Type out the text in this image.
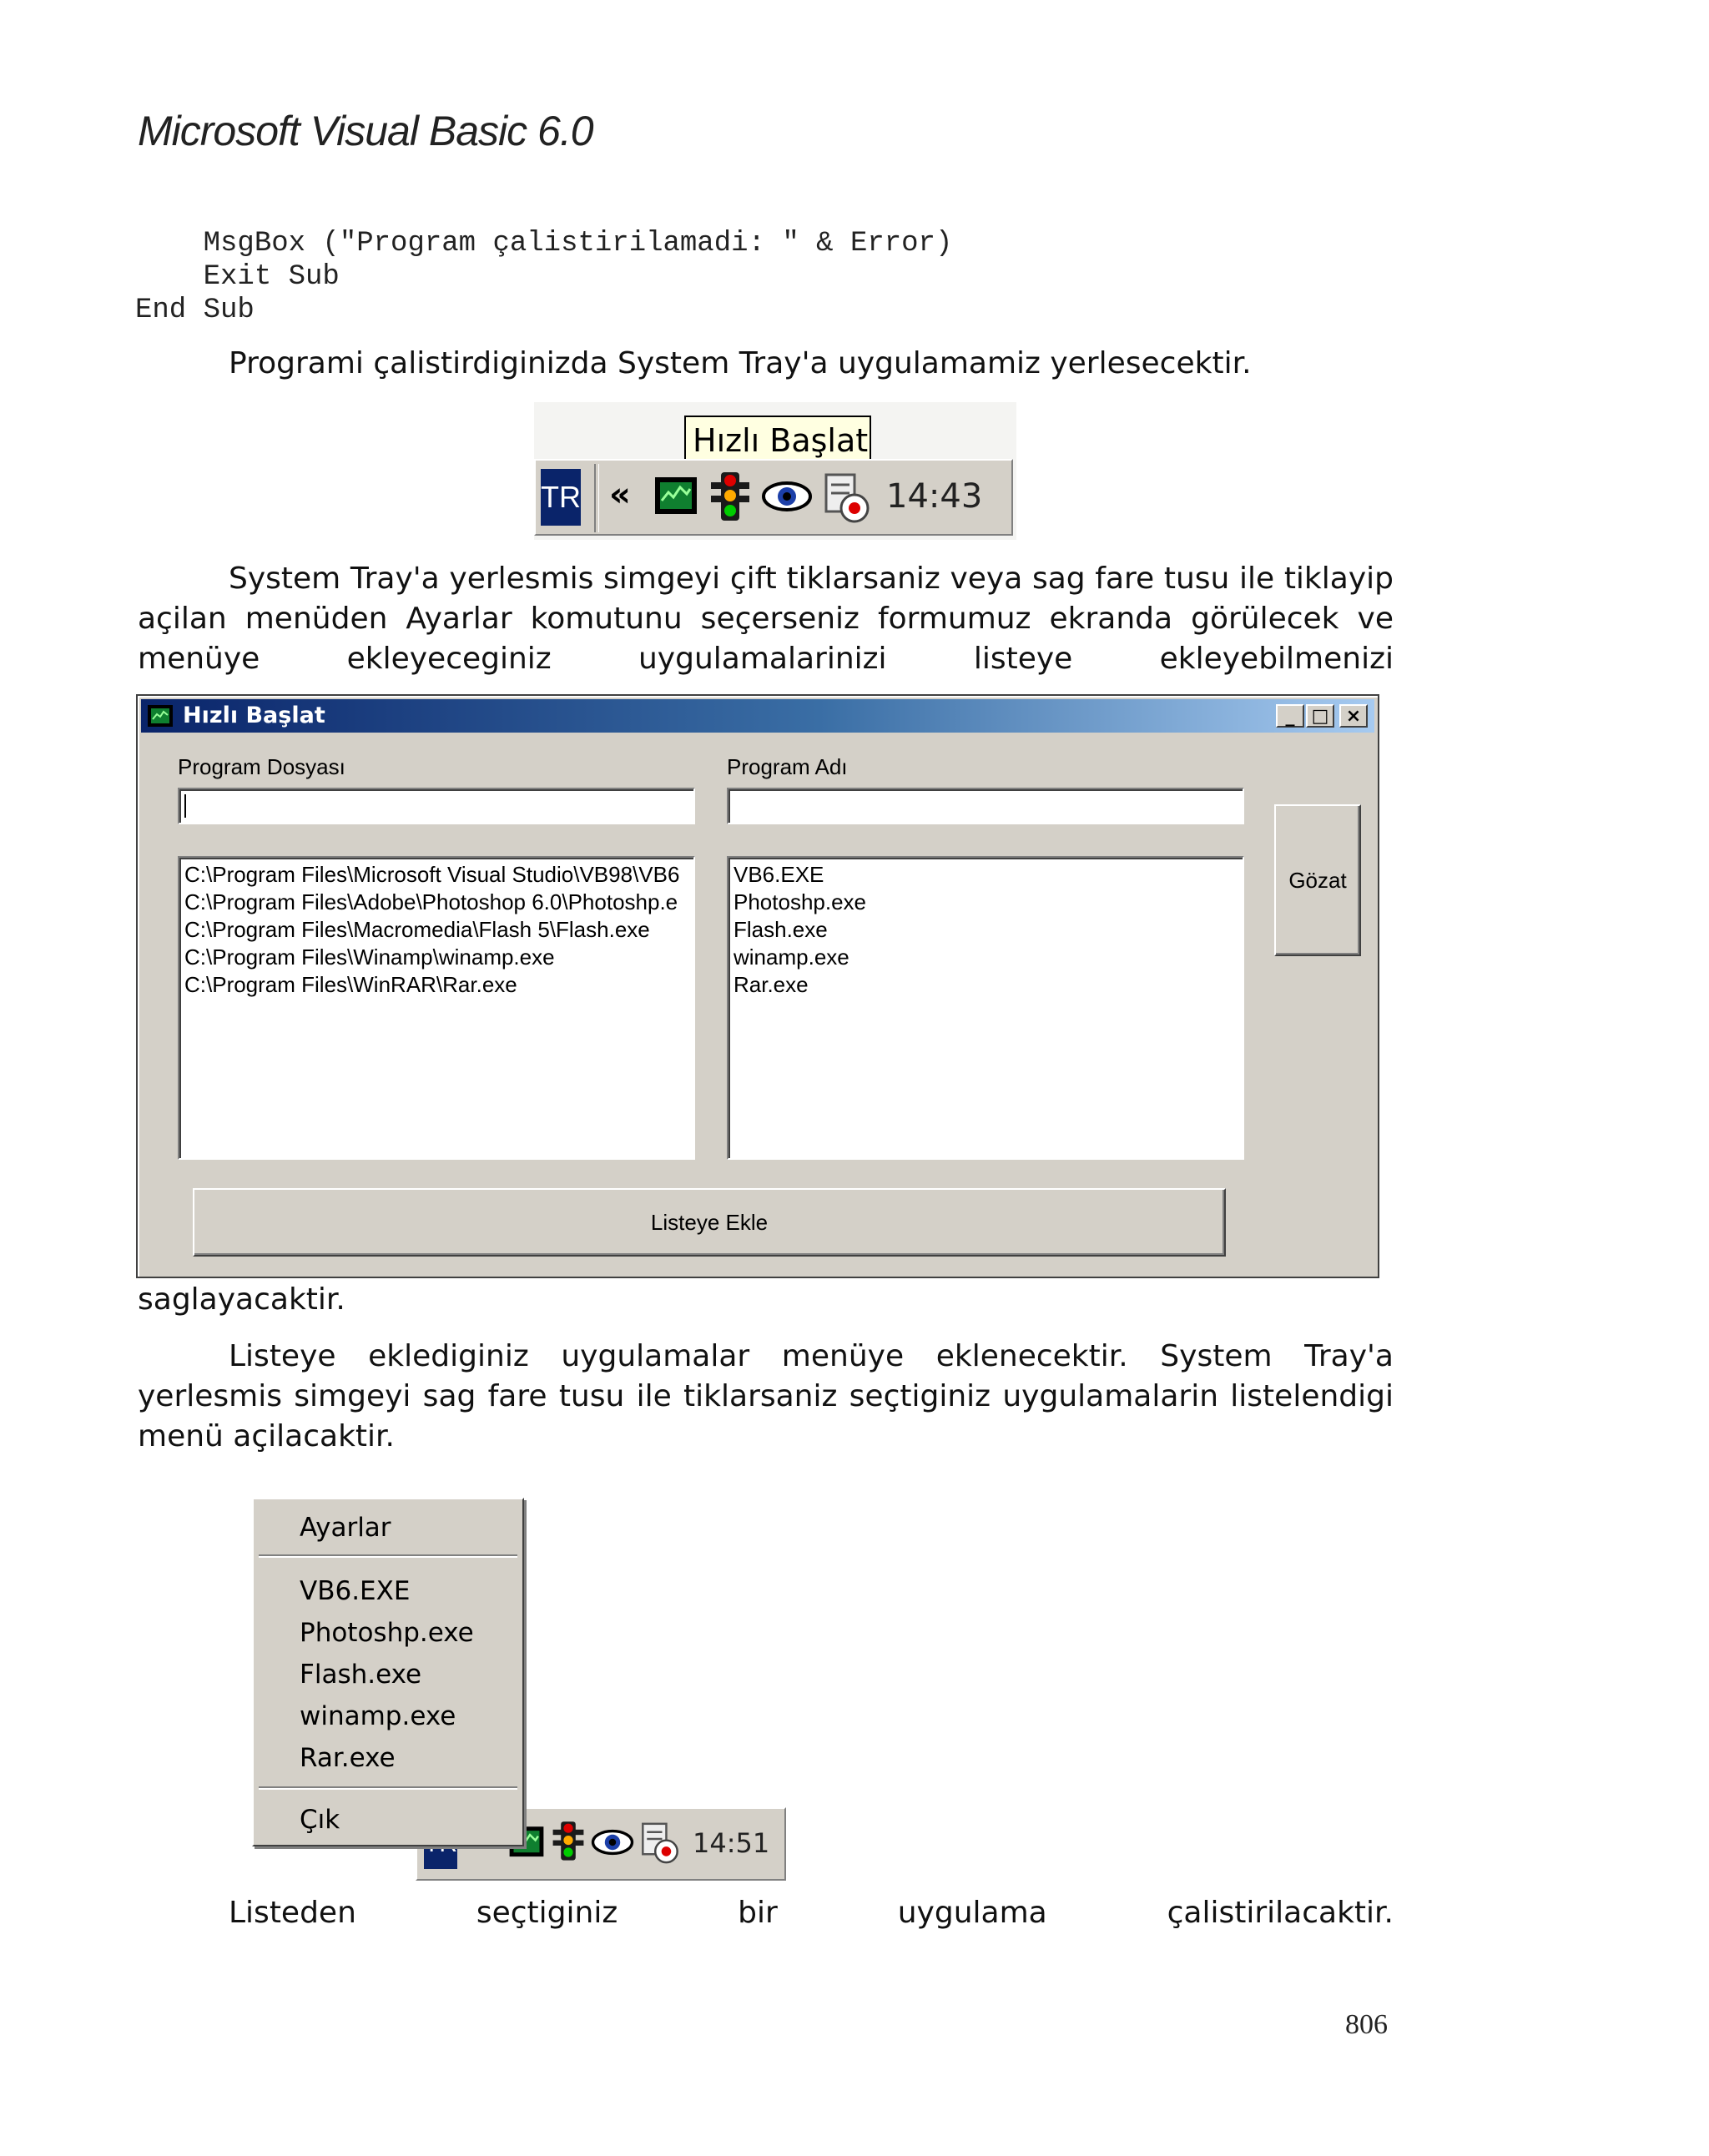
Microsoft Visual Basic 6.0
MsgBox ("Program çalistirilamadi: " & Error)
Exit Sub
End Sub

Programi çalistirdiginizda System Tray'a uygulamamiz yerlesecektir.

Hızlı Başlat
TR «	14:43

System Tray'a yerlesmis simgeyi çift tiklarsaniz veya sag fare tusu ile tiklayip açilan menüden Ayarlar komutunu seçerseniz formumuz ekranda görülecek ve menüye ekleyeceginiz uygulamalarinizi listeye ekleyebilmenizi

Hızlı Başlat	_ □ ×
Program Dosyası	Program Adı
C:\Program Files\Microsoft Visual Studio\VB98\VB6
C:\Program Files\Adobe\Photoshop 6.0\Photoshp.e
C:\Program Files\Macromedia\Flash 5\Flash.exe
C:\Program Files\Winamp\winamp.exe
C:\Program Files\WinRAR\Rar.exe
VB6.EXE
Photoshp.exe
Flash.exe
winamp.exe
Rar.exe
Gözat
Listeye Ekle

saglayacaktir.

Listeye eklediginiz uygulamalar menüye eklenecektir. System Tray'a yerlesmis simgeyi sag fare tusu ile tiklarsaniz seçtiginiz uygulamalarin listelendigi menü açilacaktir.

14:51
Ayarlar
VB6.EXE
Photoshp.exe
Flash.exe
winamp.exe
Rar.exe
Çık
Listeden	seçtiginiz	bir	uygulama	çalistirilacaktir.
806
